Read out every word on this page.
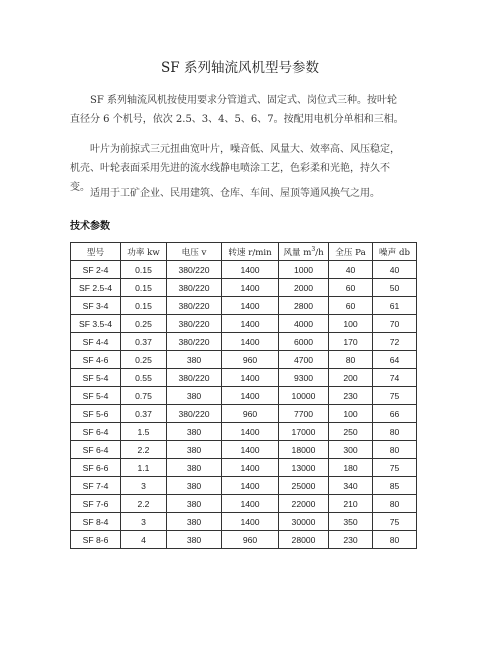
SF 系列轴流风机型号参数

SF 系列轴流风机按使用要求分管道式、固定式、岗位式三种。按叶轮直径分 6 个机号，依次 2.5、3、4、5、6、7。按配用电机分单相和三相。

叶片为前掠式三元扭曲宽叶片，噪音低、风量大、效率高、风压稳定，机壳、叶轮表面采用先进的流水线静电喷涂工艺，色彩柔和光艳，持久不变。

适用于工矿企业、民用建筑、仓库、车间、屋顶等通风换气之用。

技术参数
型号	功率 kw	电压 v	转速 r/min	风量 $m^3/h$	全压 Pa	噪声 db
SF 2-4	0.15	380/220	1400	1000	40	40
SF 2.5-4	0.15	380/220	1400	2000	60	50
SF 3-4	0.15	380/220	1400	2800	60	61
SF 3.5-4	0.25	380/220	1400	4000	100	70
SF 4-4	0.37	380/220	1400	6000	170	72
SF 4-6	0.25	380	960	4700	80	64
SF 5-4	0.55	380/220	1400	9300	200	74
SF 5-4	0.75	380	1400	10000	230	75
SF 5-6	0.37	380/220	960	7700	100	66
SF 6-4	1.5	380	1400	17000	250	80
SF 6-4	2.2	380	1400	18000	300	80
SF 6-6	1.1	380	1400	13000	180	75
SF 7-4	3	380	1400	25000	340	85
SF 7-6	2.2	380	1400	22000	210	80
SF 8-4	3	380	1400	30000	350	75
SF 8-6	4	380	960	28000	230	80
